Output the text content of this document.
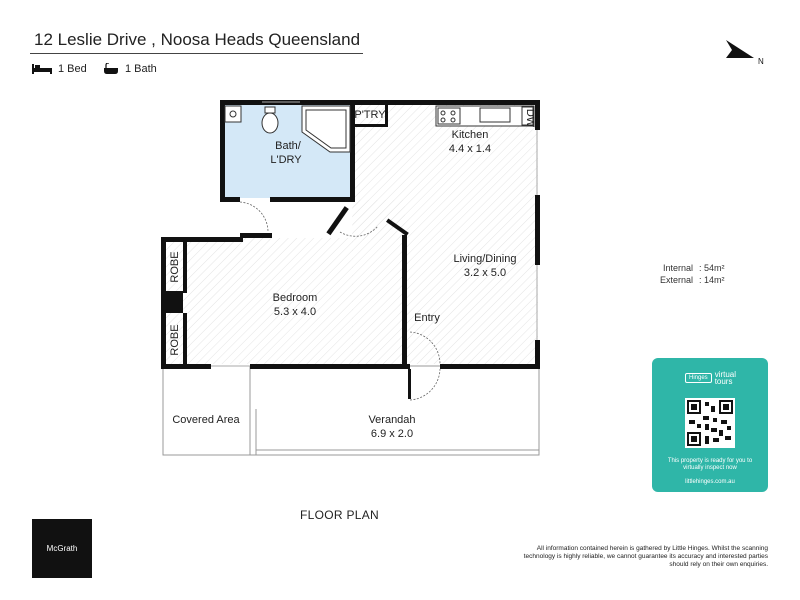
12 Leslie Drive , Noosa Heads Queensland
1 Bed	1 Bath
N
Internal : 54m²
External : 14m²
P'TRY
Kitchen
4.4 x 1.4
DW
Bath/
L'DRY
Living/Dining
3.2 x 5.0
ROBE
ROBE
Bedroom
5.3 x 4.0	Entry
Covered Area	Verandah
6.9 x 2.0
Hinges virtual
tours
This property is ready for you to virtually inspect now
littlehinges.com.au
FLOOR PLAN
McGrath	All information contained herein is gathered by Little Hinges. Whilst the scanning technology is highly reliable, we cannot guarantee its accuracy and interested parties should rely on their own enquiries.
